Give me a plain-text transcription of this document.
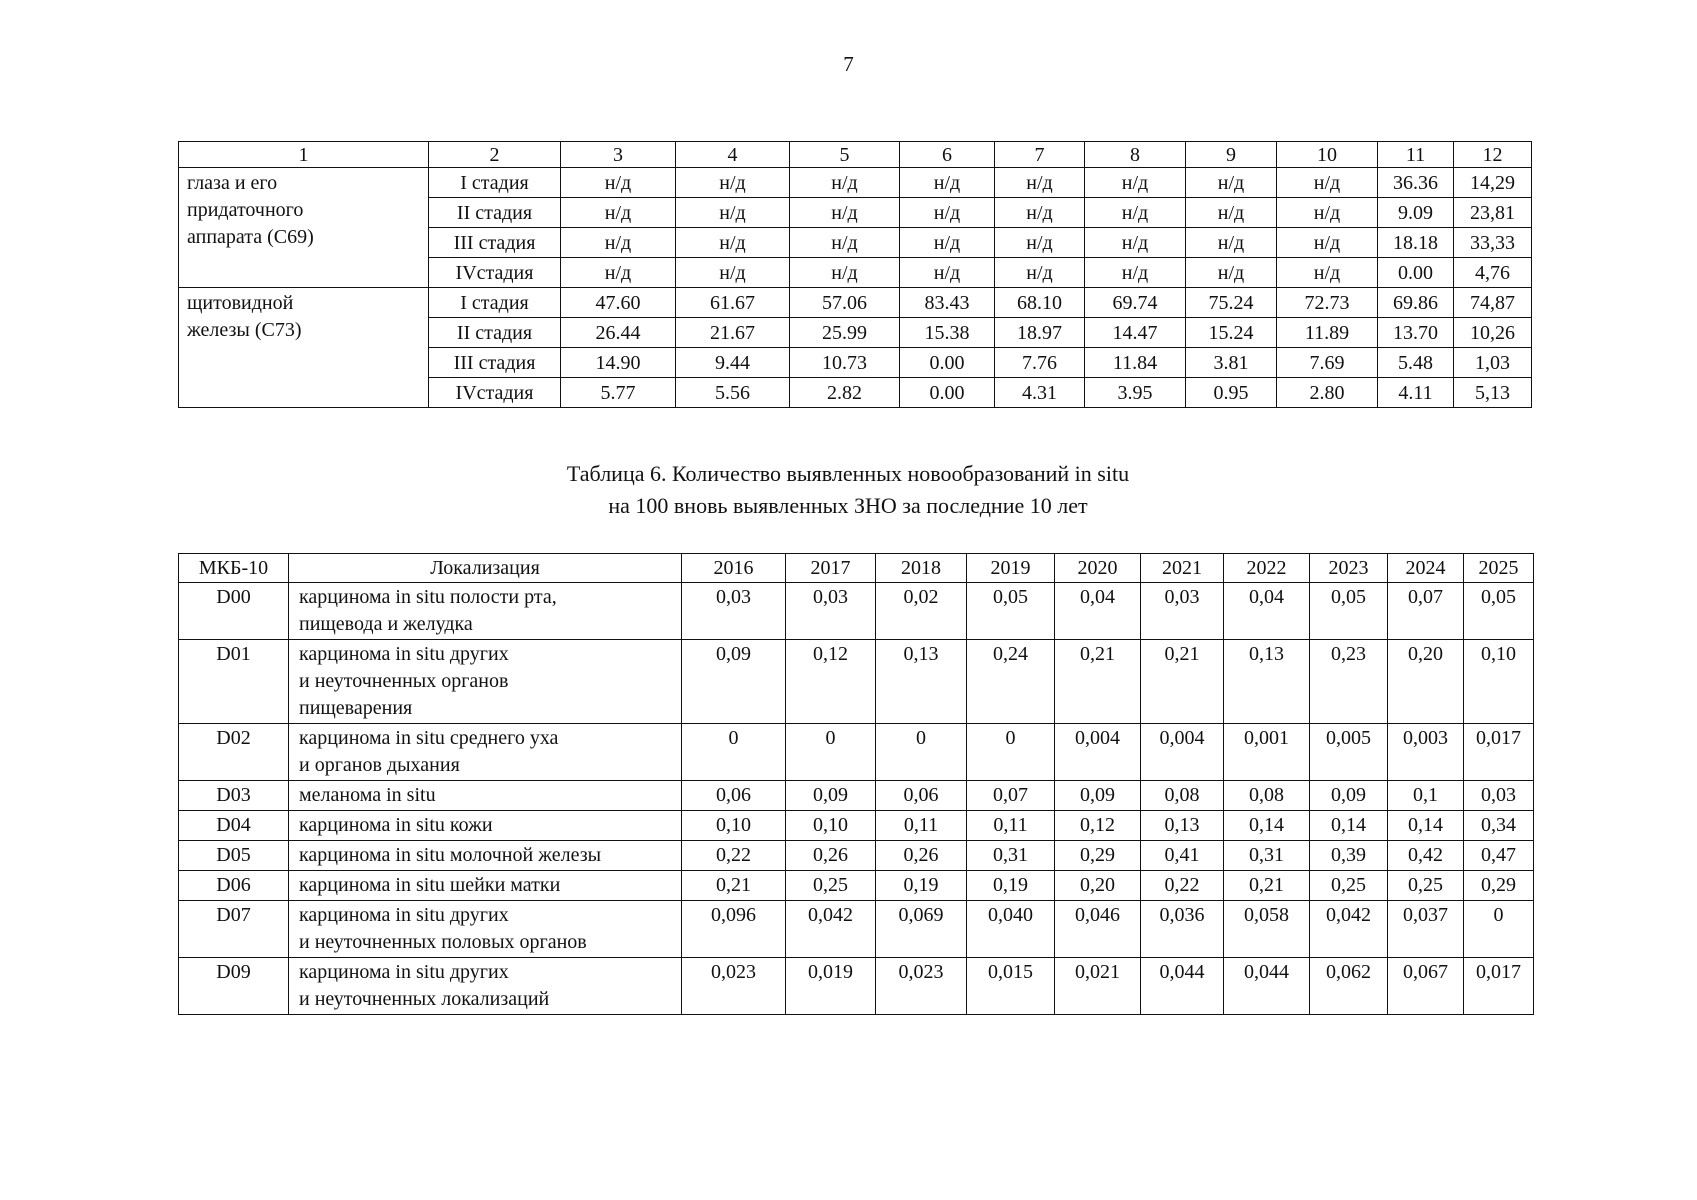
7
1	2	3	4	5	6	7	8	9	10	11	12

глаза и его
придаточного
аппарата (С69)	I стадия	н/д	н/д	н/д	н/д	н/д	н/д	н/д	н/д	36.36	14,29
	II стадия	н/д	н/д	н/д	н/д	н/д	н/д	н/д	н/д	9.09	23,81
	III стадия	н/д	н/д	н/д	н/д	н/д	н/д	н/д	н/д	18.18	33,33
	IVстадия	н/д	н/д	н/д	н/д	н/д	н/д	н/д	н/д	0.00	4,76

щитовидной
железы (С73)	I стадия	47.60	61.67	57.06	83.43	68.10	69.74	75.24	72.73	69.86	74,87
	II стадия	26.44	21.67	25.99	15.38	18.97	14.47	15.24	11.89	13.70	10,26
	III стадия	14.90	9.44	10.73	0.00	7.76	11.84	3.81	7.69	5.48	1,03
	IVстадия	5.77	5.56	2.82	0.00	4.31	3.95	0.95	2.80	4.11	5,13
Таблица 6. Количество выявленных новообразований in situ
на 100 вновь выявленных ЗНО за последние 10 лет
МКБ-10	Локализация	2016	2017	2018	2019	2020	2021	2022	2023	2024	2025
D00	карцинома in situ полости рта,
пищевода и желудка	0,03	0,03	0,02	0,05	0,04	0,03	0,04	0,05	0,07	0,05
D01	карцинома in situ других
и неуточненных органов
пищеварения	0,09	0,12	0,13	0,24	0,21	0,21	0,13	0,23	0,20	0,10
D02	карцинома in situ среднего уха
и органов дыхания	0	0	0	0	0,004	0,004	0,001	0,005	0,003	0,017
D03	меланома in situ	0,06	0,09	0,06	0,07	0,09	0,08	0,08	0,09	0,1	0,03
D04	карцинома in situ кожи	0,10	0,10	0,11	0,11	0,12	0,13	0,14	0,14	0,14	0,34
D05	карцинома in situ молочной железы	0,22	0,26	0,26	0,31	0,29	0,41	0,31	0,39	0,42	0,47
D06	карцинома in situ шейки матки	0,21	0,25	0,19	0,19	0,20	0,22	0,21	0,25	0,25	0,29
D07	карцинома in situ других
и неуточненных половых органов	0,096	0,042	0,069	0,040	0,046	0,036	0,058	0,042	0,037	0
D09	карцинома in situ других
и неуточненных локализаций	0,023	0,019	0,023	0,015	0,021	0,044	0,044	0,062	0,067	0,017
